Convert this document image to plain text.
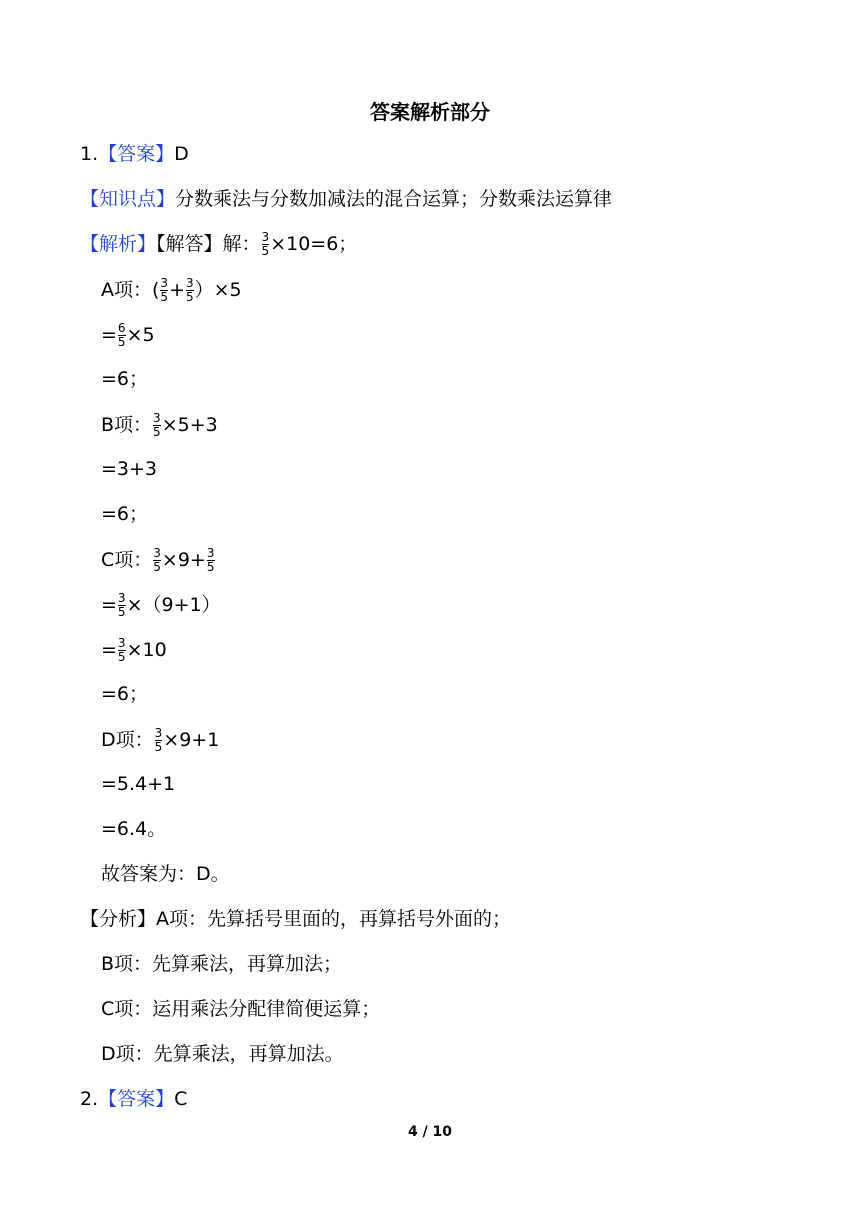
答案解析部分
1.【答案】D
【知识点】分数乘法与分数加减法的混合运算；分数乘法运算律
【解析】【解答】解： $\frac{3}{5} \times 10=6$；
A项：( $\frac{3}{5} + \frac{3}{5} )\times 5$
= $\frac{6}{5} \times 5$
=6；
B项： $\frac{3}{5} \times 5+3$
=3+3
=6；
C项： $\frac{3}{5} \times 9+ \frac{3}{5}$
= $\frac{3}{5} \times(9+1)$
= $\frac{3}{5} \times 10$
=6；
D项： $\frac{3}{5} \times 9+1$
=5.4+1
=6.4。
故答案为：D。
【分析】A项：先算括号里面的，再算括号外面的；
B项：先算乘法，再算加法；
C项：运用乘法分配律简便运算；
D项：先算乘法，再算加法。
2.【答案】C
4 / 10
